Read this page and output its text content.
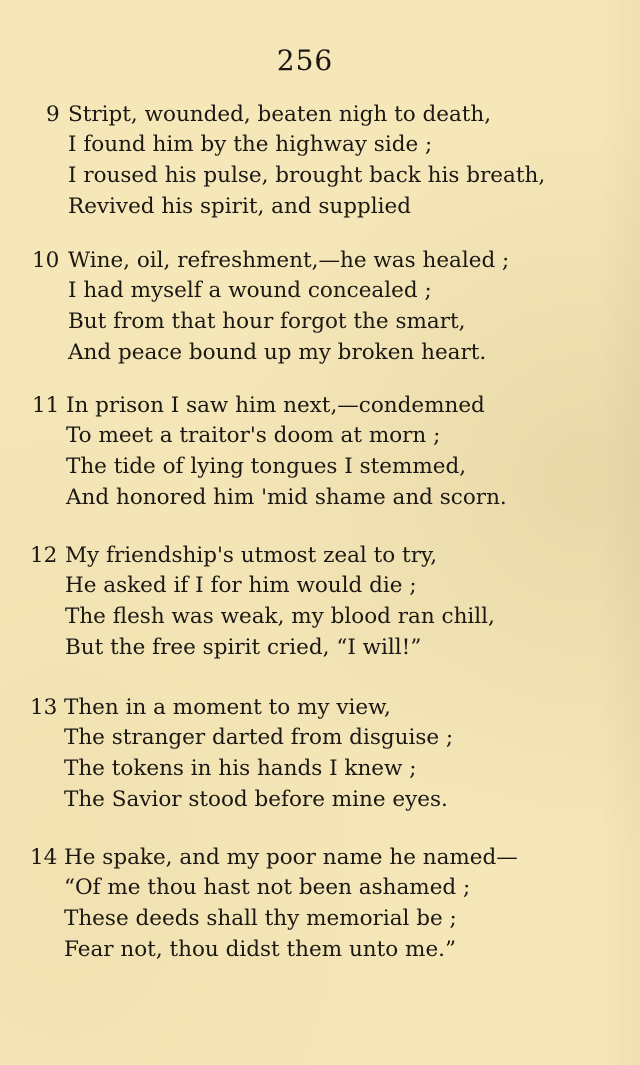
256
9 Stript, wounded, beaten nigh to death,
I found him by the highway side ;
I roused his pulse, brought back his breath,
Revived his spirit, and supplied
10 Wine, oil, refreshment,—he was healed ;
I had myself a wound concealed ;
But from that hour forgot the smart,
And peace bound up my broken heart.
11 In prison I saw him next,—condemned
To meet a traitor's doom at morn ;
The tide of lying tongues I stemmed,
And honored him 'mid shame and scorn.
12 My friendship's utmost zeal to try,
He asked if I for him would die ;
The flesh was weak, my blood ran chill,
But the free spirit cried, “I will!”
13 Then in a moment to my view,
The stranger darted from disguise ;
The tokens in his hands I knew ;
The Savior stood before mine eyes.
14 He spake, and my poor name he named—
“Of me thou hast not been ashamed ;
These deeds shall thy memorial be ;
Fear not, thou didst them unto me.”
